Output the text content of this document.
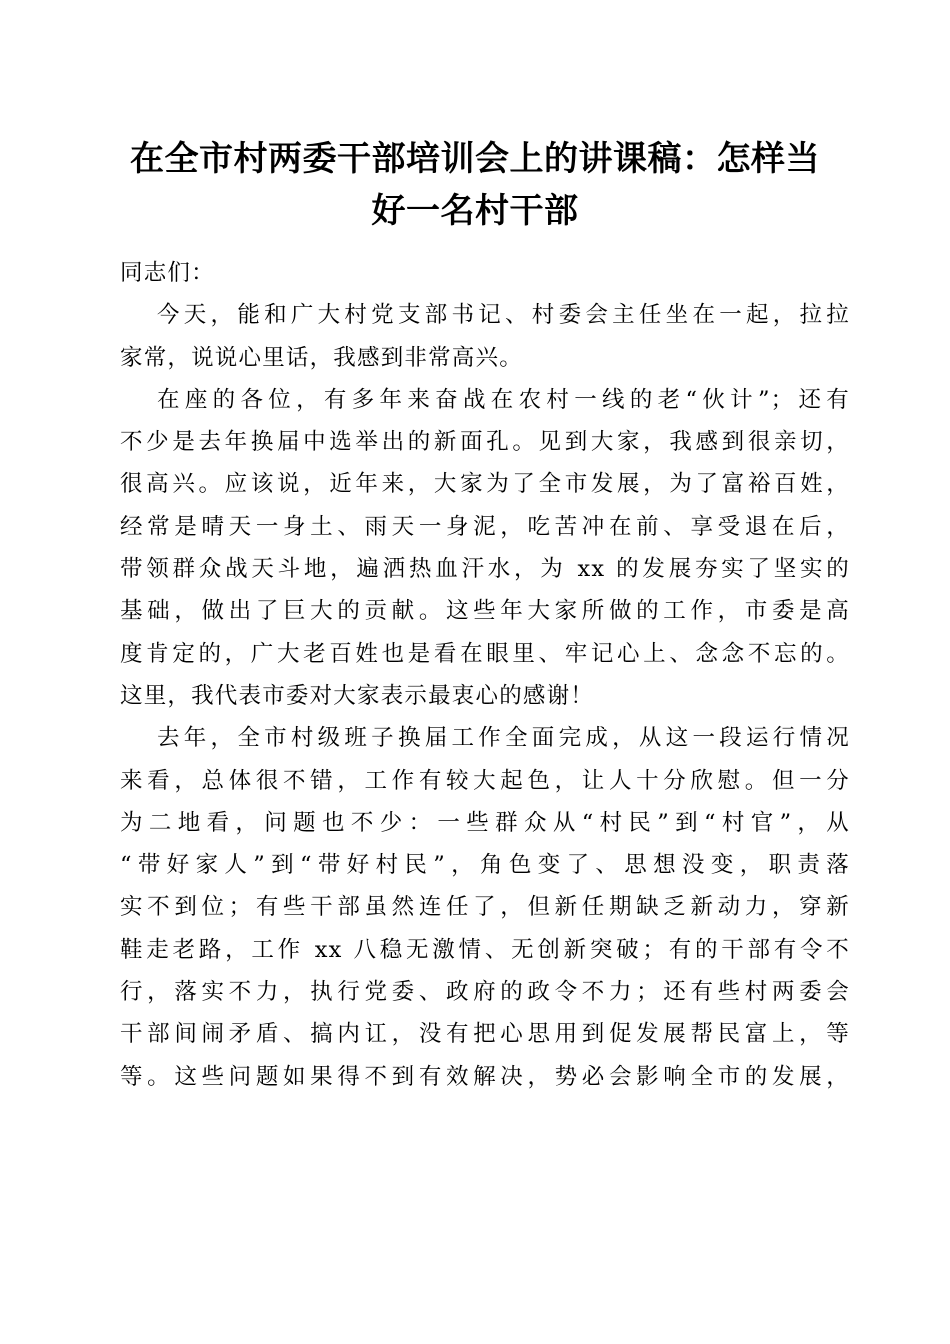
在全市村两委干部培训会上的讲课稿：怎样当
好一名村干部
同志们：
今天，能和广大村党支部书记、村委会主任坐在一起，拉拉
家常，说说心里话，我感到非常高兴。
在座的各位，有多年来奋战在农村一线的老“伙计”；还有
不少是去年换届中选举出的新面孔。见到大家，我感到很亲切，
很高兴。应该说，近年来，大家为了全市发展，为了富裕百姓，
经常是晴天一身土、雨天一身泥，吃苦冲在前、享受退在后，
带领群众战天斗地，遍洒热血汗水，为 xx 的发展夯实了坚实的
基础，做出了巨大的贡献。这些年大家所做的工作，市委是高
度肯定的，广大老百姓也是看在眼里、牢记心上、念念不忘的。
这里，我代表市委对大家表示最衷心的感谢！
去年，全市村级班子换届工作全面完成，从这一段运行情况
来看，总体很不错，工作有较大起色，让人十分欣慰。但一分
为二地看，问题也不少：一些群众从“村民”到“村官”，从
“带好家人”到“带好村民”，角色变了、思想没变，职责落
实不到位；有些干部虽然连任了，但新任期缺乏新动力，穿新
鞋走老路，工作 xx 八稳无激情、无创新突破；有的干部有令不
行，落实不力，执行党委、政府的政令不力；还有些村两委会
干部间闹矛盾、搞内讧，没有把心思用到促发展帮民富上，等
等。这些问题如果得不到有效解决，势必会影响全市的发展，
